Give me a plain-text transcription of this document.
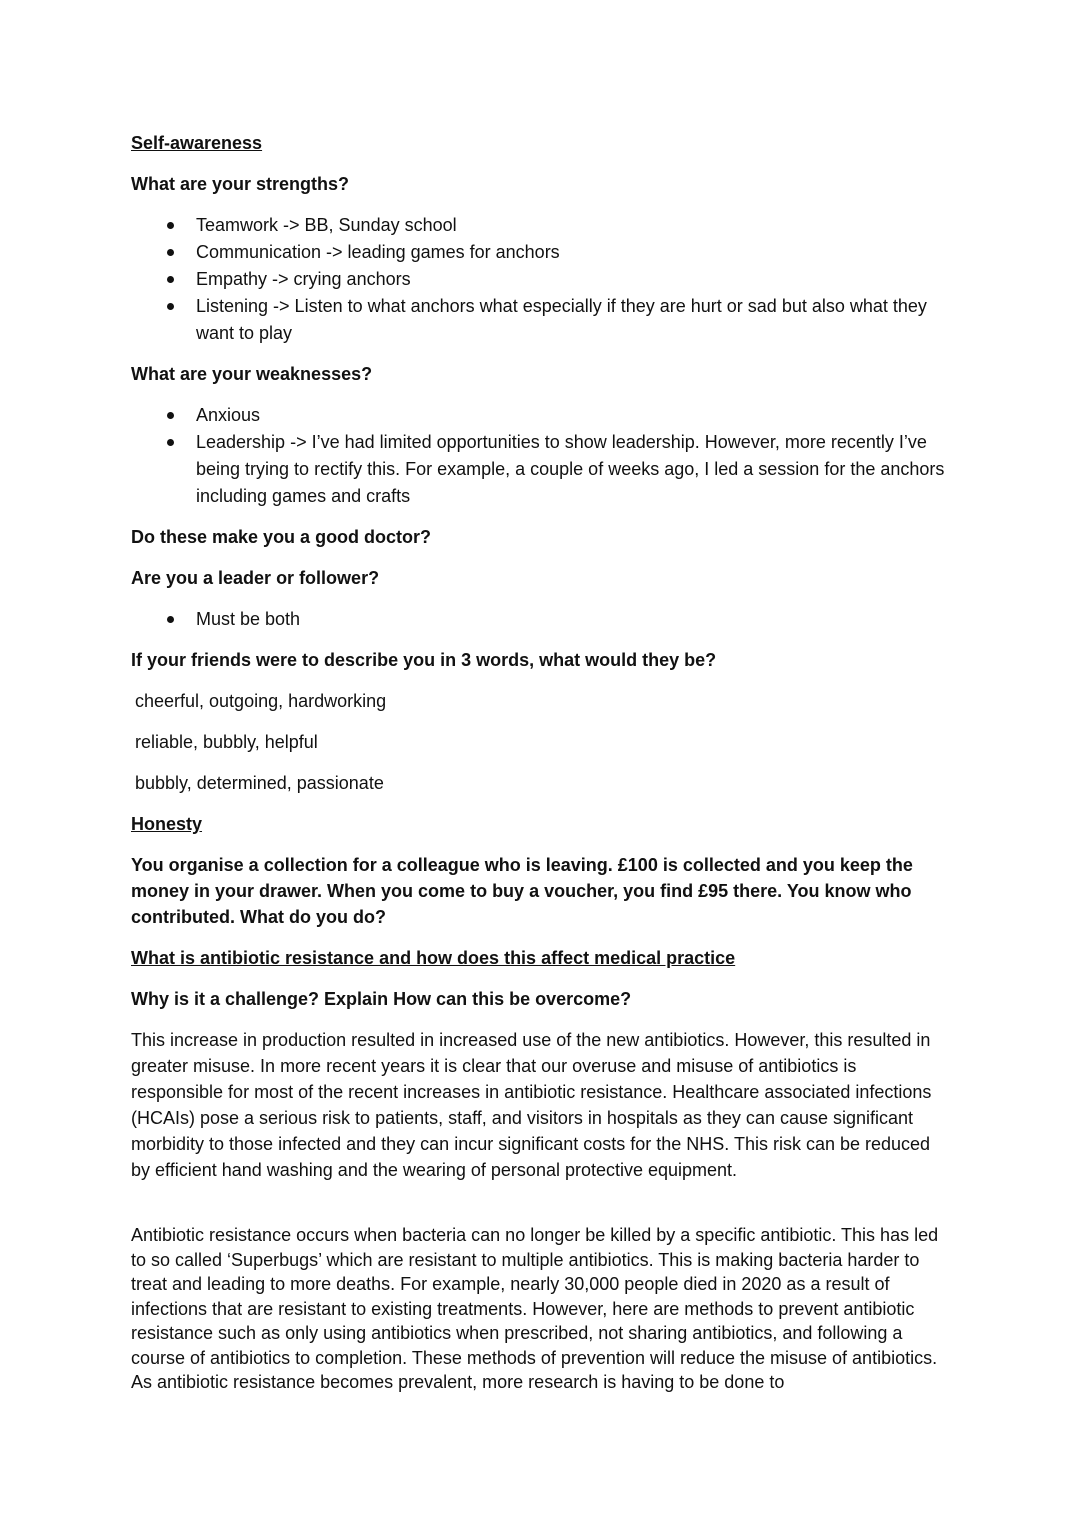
Self-awareness
What are your strengths?
Teamwork -> BB, Sunday school
Communication -> leading games for anchors
Empathy -> crying anchors
Listening -> Listen to what anchors what especially if they are hurt or sad but also what they want to play
What are your weaknesses?
Anxious
Leadership -> I’ve had limited opportunities to show leadership. However, more recently I’ve being trying to rectify this. For example, a couple of weeks ago, I led a session for the anchors including games and crafts
Do these make you a good doctor?
Are you a leader or follower?
Must be both
If your friends were to describe you in 3 words, what would they be?
cheerful, outgoing, hardworking
reliable, bubbly, helpful
bubbly, determined, passionate
Honesty
You organise a collection for a colleague who is leaving. £100 is collected and you keep the money in your drawer. When you come to buy a voucher, you find £95 there. You know who contributed. What do you do?
What is antibiotic resistance and how does this affect medical practice
Why is it a challenge? Explain How can this be overcome?
This increase in production resulted in increased use of the new antibiotics. However, this resulted in greater misuse. In more recent years it is clear that our overuse and misuse of antibiotics is responsible for most of the recent increases in antibiotic resistance. Healthcare associated infections (HCAIs) pose a serious risk to patients, staff, and visitors in hospitals as they can cause significant morbidity to those infected and they can incur significant costs for the NHS. This risk can be reduced by efficient hand washing and the wearing of personal protective equipment.
Antibiotic resistance occurs when bacteria can no longer be killed by a specific antibiotic. This has led to so called ‘Superbugs’ which are resistant to multiple antibiotics. This is making bacteria harder to treat and leading to more deaths. For example, nearly 30,000 people died in 2020 as a result of infections that are resistant to existing treatments. However, here are methods to prevent antibiotic resistance such as only using antibiotics when prescribed, not sharing antibiotics, and following a course of antibiotics to completion. These methods of prevention will reduce the misuse of antibiotics. As antibiotic resistance becomes prevalent, more research is having to be done to
